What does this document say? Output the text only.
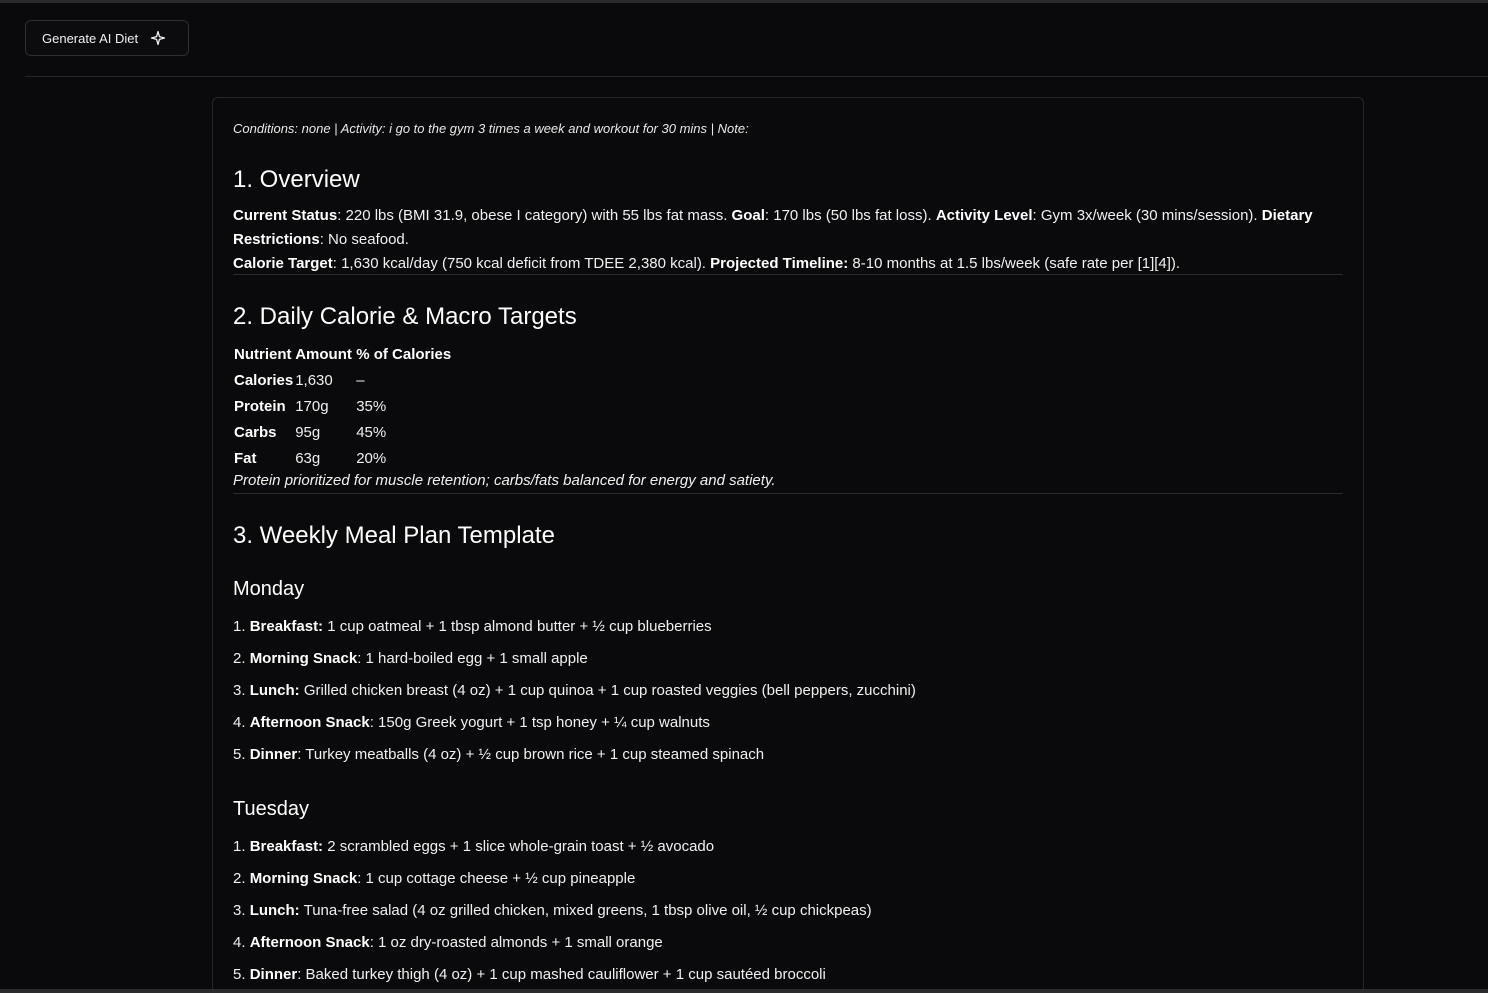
Generate AI Diet
Conditions: none | Activity: i go to the gym 3 times a week and workout for 30 mins | Note:
1. Overview
Current Status: 220 lbs (BMI 31.9, obese I category) with 55 lbs fat mass. Goal: 170 lbs (50 lbs fat loss). Activity Level: Gym 3x/week (30 mins/session). Dietary Restrictions: No seafood.
Calorie Target: 1,630 kcal/day (750 kcal deficit from TDEE 2,380 kcal). Projected Timeline: 8-10 months at 1.5 lbs/week (safe rate per [1][4]).
2. Daily Calorie & Macro Targets
Nutrient	Amount	% of Calories
Calories	1,630	–
Protein	170g	35%
Carbs	95g	45%
Fat	63g	20%
Protein prioritized for muscle retention; carbs/fats balanced for energy and satiety.
3. Weekly Meal Plan Template
Monday
1. Breakfast: 1 cup oatmeal + 1 tbsp almond butter + ½ cup blueberries
2. Morning Snack: 1 hard-boiled egg + 1 small apple
3. Lunch: Grilled chicken breast (4 oz) + 1 cup quinoa + 1 cup roasted veggies (bell peppers, zucchini)
4. Afternoon Snack: 150g Greek yogurt + 1 tsp honey + ¼ cup walnuts
5. Dinner: Turkey meatballs (4 oz) + ½ cup brown rice + 1 cup steamed spinach
Tuesday
1. Breakfast: 2 scrambled eggs + 1 slice whole-grain toast + ½ avocado
2. Morning Snack: 1 cup cottage cheese + ½ cup pineapple
3. Lunch: Tuna-free salad (4 oz grilled chicken, mixed greens, 1 tbsp olive oil, ½ cup chickpeas)
4. Afternoon Snack: 1 oz dry-roasted almonds + 1 small orange
5. Dinner: Baked turkey thigh (4 oz) + 1 cup mashed cauliflower + 1 cup sautéed broccoli
